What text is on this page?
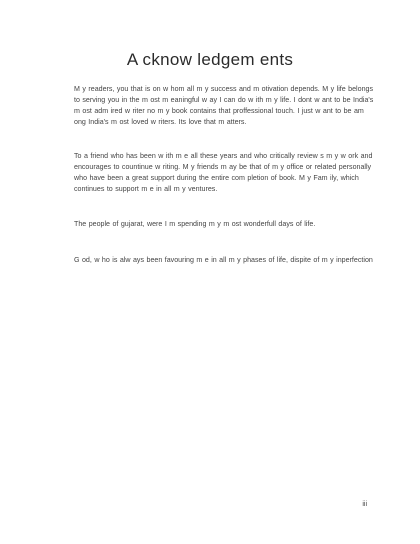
A cknow ledgem ents

M y readers, you that is on w hom all m y success and m otivation depends. M y life belongs to serving you in the m ost m eaningful w ay I can do w ith m y life. I dont w ant to be India's m ost adm ired w riter no m y book contains that proffessional touch. I just w ant to be am ong India's m ost loved w riters. Its love that m atters.

To a friend who has been w ith m e all these years and who critically review s m y w ork and encourages to countinue w riting. M y friends m ay be that of m y office or related personally who have been a great support during the entire com pletion of book. M y Fam ily, which continues to support m e in all m y ventures.

The people of gujarat, were I m spending m y m ost wonderfull days of life.

G od, w ho is alw ays been favouring m e in all m y phases of life, dispite of m y inperfection

iii
